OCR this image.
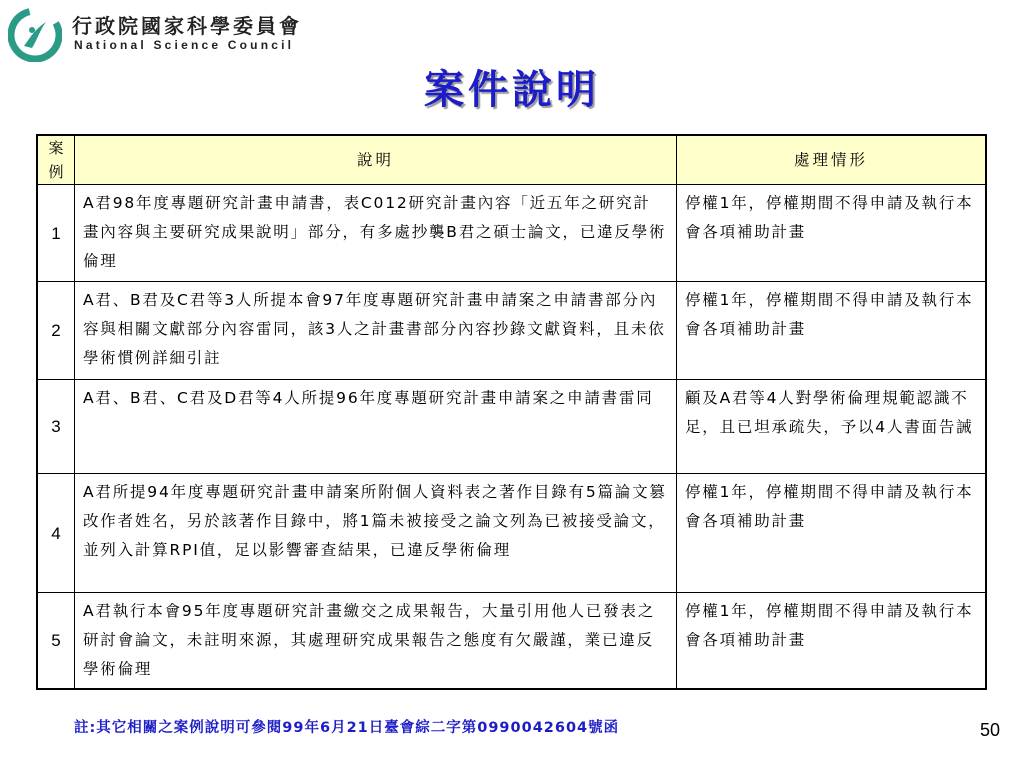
行政院國家科學委員會
National Science Council
案件說明
案例	說明	處理情形
1	A君98年度專題研究計畫申請書，表C012研究計畫內容「近五年之研究計畫內容與主要研究成果說明」部分，有多處抄襲B君之碩士論文，已違反學術倫理	停權1年，停權期間不得申請及執行本會各項補助計畫
2	A君、B君及C君等3人所提本會97年度專題研究計畫申請案之申請書部分內容與相關文獻部分內容雷同，該3人之計畫書部分內容抄錄文獻資料，且未依學術慣例詳細引註	停權1年，停權期間不得申請及執行本會各項補助計畫
3	A君、B君、C君及D君等4人所提96年度專題研究計畫申請案之申請書雷同	顧及A君等4人對學術倫理規範認識不足，且已坦承疏失，予以4人書面告誡
4	A君所提94年度專題研究計畫申請案所附個人資料表之著作目錄有5篇論文篡改作者姓名，另於該著作目錄中，將1篇未被接受之論文列為已被接受論文，並列入計算RPI值，足以影響審查結果，已違反學術倫理	停權1年，停權期間不得申請及執行本會各項補助計畫
5	A君執行本會95年度專題研究計畫繳交之成果報告，大量引用他人已發表之研討會論文，未註明來源，其處理研究成果報告之態度有欠嚴謹，業已違反學術倫理	停權1年，停權期間不得申請及執行本會各項補助計畫
註:其它相關之案例說明可參閱99年6月21日臺會綜二字第0990042604號函	50
